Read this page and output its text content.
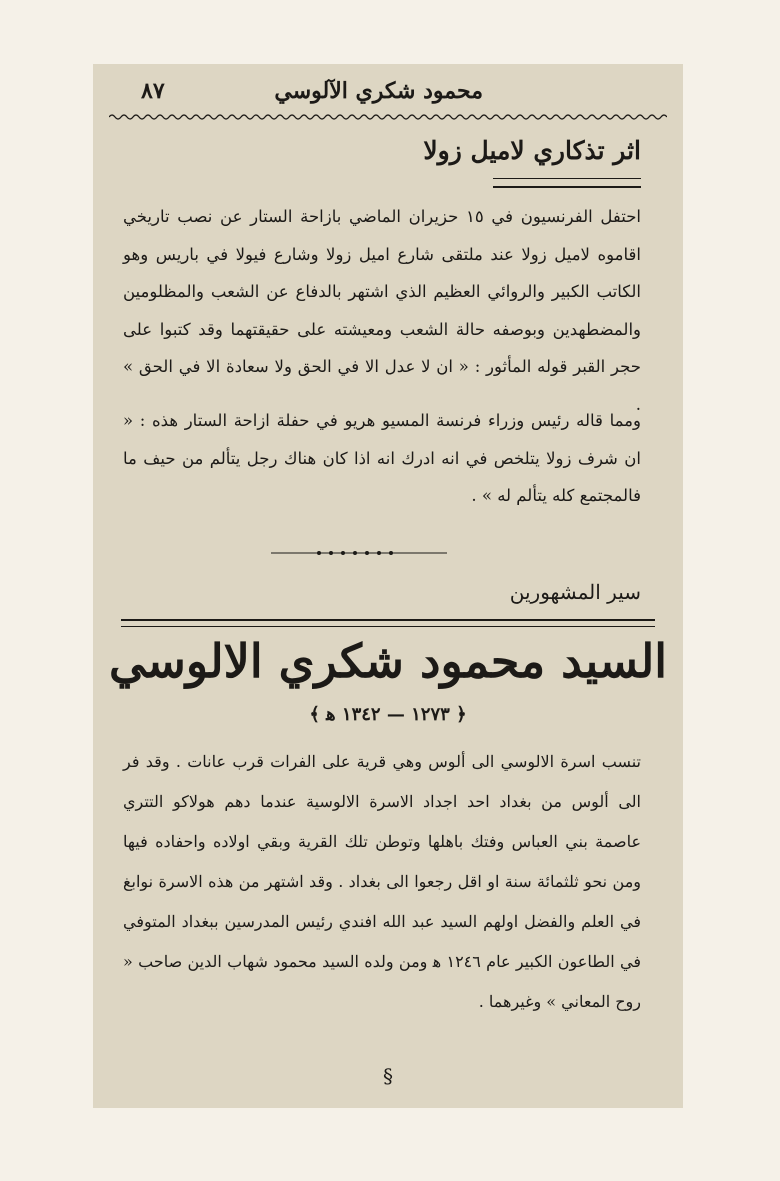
محمود شكري الآلوسي
٨٧
اثر تذكاري لاميل زولا
احتفل الفرنسيون في ١٥ حزيران الماضي بازاحة الستار عن نصب تاريخي اقاموه لاميل زولا عند ملتقى شارع اميل زولا وشارع فيولا في باريس وهو الكاتب الكبير والروائي العظيم الذي اشتهر بالدفاع عن الشعب والمظلومين والمضطهدين وبوصفه حالة الشعب ومعيشته على حقيقتهما وقد كتبوا على حجر القبر قوله المأثور : « ان لا عدل الا في الحق ولا سعادة الا في الحق » .
ومما قاله رئيس وزراء فرنسة المسيو هريو في حفلة ازاحة الستار هذه : « ان شرف زولا يتلخص في انه ادرك انه اذا كان هناك رجل يتألم من حيف ما فالمجتمع كله يتألم له » .
سير المشهورين
السيد محمود شكري الالوسي
﴿ ١٢٧٣ — ١٣٤٢ ﻫ ﴾
تنسب اسرة الالوسي الى ألوس وهي قرية على الفرات قرب عانات . وقد فر الى ألوس من بغداد احد اجداد الاسرة الالوسية عندما دهم هولاكو التتري عاصمة بني العباس وفتك باهلها وتوطن تلك القرية وبقي اولاده واحفاده فيها ومن نحو ثلثمائة سنة او اقل رجعوا الى بغداد . وقد اشتهر من هذه الاسرة نوابغ في العلم والفضل اولهم السيد عبد الله افندي رئيس المدرسين ببغداد المتوفي في الطاعون الكبير عام ١٢٤٦ ﻫ ومن ولده السيد محمود شهاب الدين صاحب « روح المعاني » وغيرهما .
§
